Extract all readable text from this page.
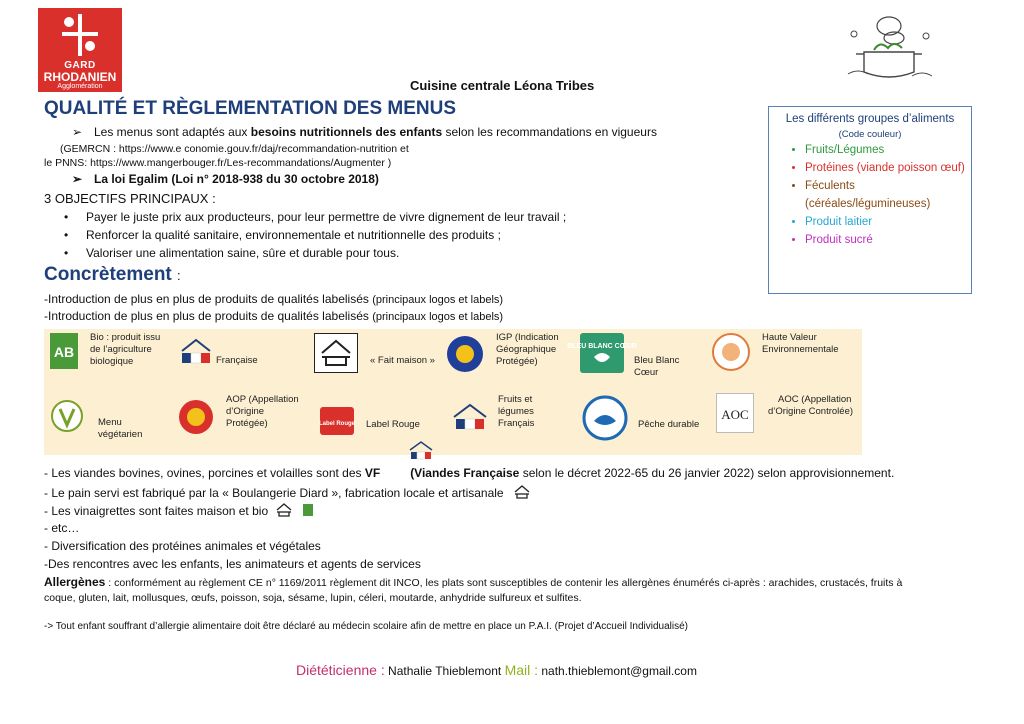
GARD
RHODANIEN
Agglomération	Cuisine centrale Léona Tribes
QUALITÉ ET RÈGLEMENTATION DES MENUS
➢ Les menus sont adaptés aux besoins nutritionnels des enfants selon les recommandations en vigueurs
(GEMRCN : https://www.e conomie.gouv.fr/daj/recommandation-nutrition et
le PNNS: https://www.mangerbouger.fr/Les-recommandations/Augmenter )
➢ La loi Egalim (Loi n° 2018-938 du 30 octobre 2018)
3 OBJECTIFS PRINCIPAUX :
• Payer le juste prix aux producteurs, pour leur permettre de vivre dignement de leur travail ;
• Renforcer la qualité sanitaire, environnementale et nutritionnelle des produits ;
• Valoriser une alimentation saine, sûre et durable pour tous.
Les différents groupes d’aliments
(Code couleur)
• Fruits/Légumes
• Protéines (viande poisson œuf)
• Féculents (céréales/légumineuses)
• Produit laitier
• Produit sucré
Concrètement :
-Introduction de plus en plus de produits de qualités labelisés (principaux logos et labels)
-Introduction de plus en plus de produits de qualités labelisés (principaux logos et labels)
AB
Bio : produit issu
de l’agriculture
biologique	Française	« Fait maison »
IGP (Indication
Géographique
Protégée)
BLEU BLANC CŒUR
Bleu Blanc
Cœur
Haute Valeur
Environnementale
Menu
végétarien
AOP (Appellation
d’Origine
Protégée)	Label Rouge Label Rouge
Fruits et
légumes
Français	Pêche durable
AOC
AOC (Appellation
d’Origine Controlée)
- Les viandes bovines, ovines, porcines et volailles sont des VF	(Viandes Française selon le décret 2022-65 du 26 janvier 2022) selon approvisionnement.
- Le pain servi est fabriqué par la « Boulangerie Diard », fabrication locale et artisanale
- Les vinaigrettes sont faites maison et bio
- etc…
- Diversification des protéines animales et végétales
-Des rencontres avec les enfants, les animateurs et agents de services
Allergènes : conformément au règlement CE n° 1169/2011 règlement dit INCO, les plats sont susceptibles de contenir les allergènes énumérés ci-après : arachides, crustacés, fruits à
coque, gluten, lait, mollusques, œufs, poisson, soja, sésame, lupin, céleri, moutarde, anhydride sulfureux et sulfites.
-> Tout enfant souffrant d’allergie alimentaire doit être déclaré au médecin scolaire afin de mettre en place un P.A.I. (Projet d’Accueil Individualisé)
Diététicienne : Nathalie Thieblemont Mail : nath.thieblemont@gmail.com
